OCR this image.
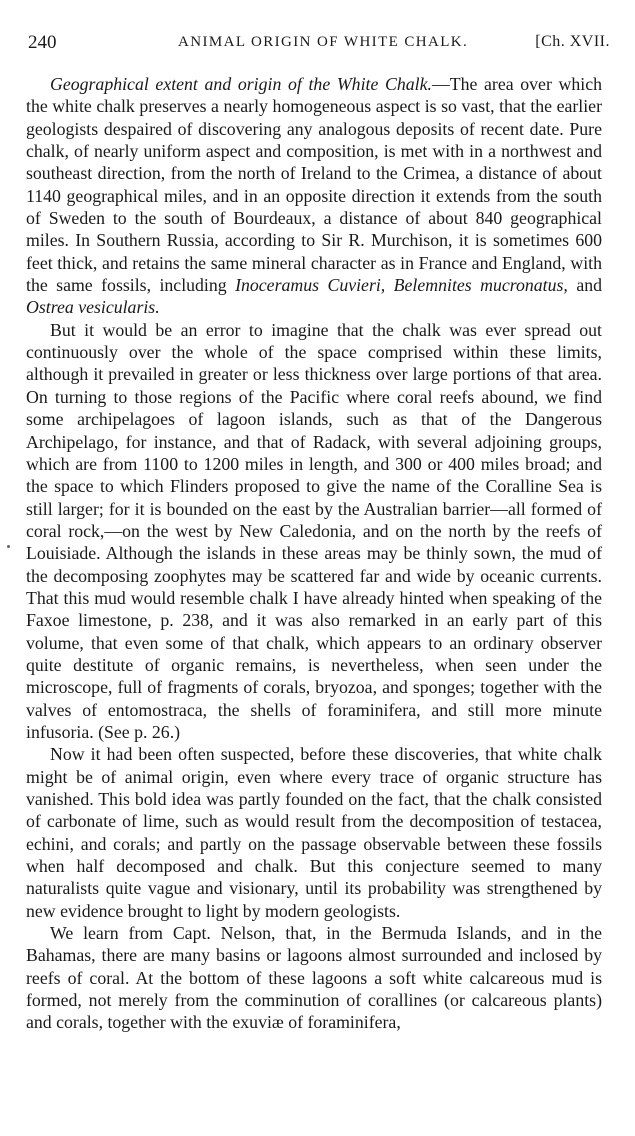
240	ANIMAL ORIGIN OF WHITE CHALK.	[Ch. XVII.

Geographical extent and origin of the White Chalk.—The area over which the white chalk preserves a nearly homogeneous aspect is so vast, that the earlier geologists despaired of discovering any analogous deposits of recent date. Pure chalk, of nearly uniform aspect and composition, is met with in a northwest and southeast direction, from the north of Ireland to the Crimea, a distance of about 1140 geographical miles, and in an opposite direction it extends from the south of Sweden to the south of Bourdeaux, a distance of about 840 geographical miles. In Southern Russia, according to Sir R. Murchison, it is sometimes 600 feet thick, and retains the same mineral character as in France and England, with the same fossils, including Inoceramus Cuvieri, Belemnites mucronatus, and Ostrea vesicularis.

But it would be an error to imagine that the chalk was ever spread out continuously over the whole of the space comprised within these limits, although it prevailed in greater or less thickness over large portions of that area. On turning to those regions of the Pacific where coral reefs abound, we find some archipelagoes of lagoon islands, such as that of the Dangerous Archipelago, for instance, and that of Radack, with several adjoining groups, which are from 1100 to 1200 miles in length, and 300 or 400 miles broad; and the space to which Flinders proposed to give the name of the Coralline Sea is still larger; for it is bounded on the east by the Australian barrier—all formed of coral rock,—on the west by New Caledonia, and on the north by the reefs of Louisiade. Although the islands in these areas may be thinly sown, the mud of the decomposing zoophytes may be scattered far and wide by oceanic currents. That this mud would resemble chalk I have already hinted when speaking of the Faxoe limestone, p. 238, and it was also remarked in an early part of this volume, that even some of that chalk, which appears to an ordinary observer quite destitute of organic remains, is nevertheless, when seen under the microscope, full of fragments of corals, bryozoa, and sponges; together with the valves of entomostraca, the shells of foraminifera, and still more minute infusoria. (See p. 26.)

Now it had been often suspected, before these discoveries, that white chalk might be of animal origin, even where every trace of organic structure has vanished. This bold idea was partly founded on the fact, that the chalk consisted of carbonate of lime, such as would result from the decomposition of testacea, echini, and corals; and partly on the passage observable between these fossils when half decomposed and chalk. But this conjecture seemed to many naturalists quite vague and visionary, until its probability was strengthened by new evidence brought to light by modern geologists.

We learn from Capt. Nelson, that, in the Bermuda Islands, and in the Bahamas, there are many basins or lagoons almost surrounded and inclosed by reefs of coral. At the bottom of these lagoons a soft white calcareous mud is formed, not merely from the comminution of corallines (or calcareous plants) and corals, together with the exuviæ of foraminifera,
